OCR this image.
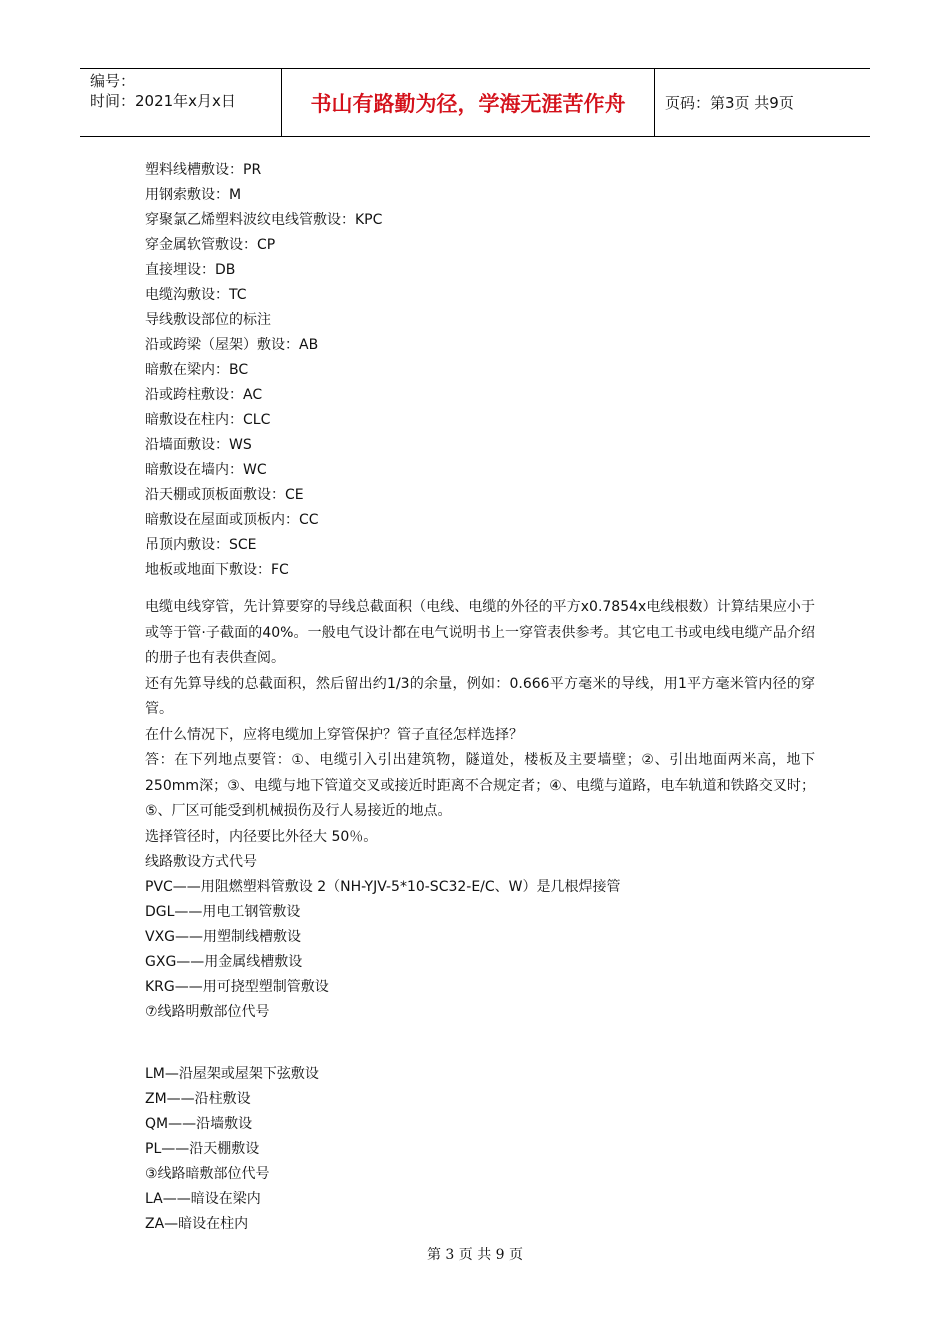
编号：
时间：2021年x月x日	书山有路勤为径，学海无涯苦作舟	页码：第3页 共9页
塑料线槽敷设：PR
用钢索敷设：M
穿聚氯乙烯塑料波纹电线管敷设：KPC
穿金属软管敷设：CP
直接埋设：DB
电缆沟敷设：TC
导线敷设部位的标注
沿或跨梁（屋架）敷设：AB
暗敷在梁内：BC
沿或跨柱敷设：AC
暗敷设在柱内：CLC
沿墙面敷设：WS
暗敷设在墙内：WC
沿天棚或顶板面敷设：CE
暗敷设在屋面或顶板内：CC
吊顶内敷设：SCE
地板或地面下敷设：FC
电缆电线穿管，先计算要穿的导线总截面积（电线、电缆的外径的平方x0.7854x电线根数）计算结果应小于或等于管·子截面的40%。一般电气设计都在电气说明书上一穿管表供参考。其它电工书或电线电缆产品介绍的册子也有表供查阅。
还有先算导线的总截面积，然后留出约1/3的余量，例如：0.666平方毫米的导线，用1平方毫米管内径的穿管。
在什么情况下，应将电缆加上穿管保护？管子直径怎样选择？
答：在下列地点要管：①、电缆引入引出建筑物，隧道处，楼板及主要墙壁；②、引出地面两米高，地下250mm深；③、电缆与地下管道交叉或接近时距离不合规定者；④、电缆与道路，电车轨道和铁路交叉时；⑤、厂区可能受到机械损伤及行人易接近的地点。
选择管径时，内径要比外径大 50％。
线路敷设方式代号
PVC——用阻燃塑料管敷设 2（NH-YJV-5*10-SC32-E/C、W）是几根焊接管
DGL——用电工钢管敷设
VXG——用塑制线槽敷设
GXG——用金属线槽敷设
KRG——用可挠型塑制管敷设
⑦线路明敷部位代号
LM—沿屋架或屋架下弦敷设
ZM——沿柱敷设
QM——沿墙敷设
PL——沿天棚敷设
③线路暗敷部位代号
LA——暗设在梁内
ZA—暗设在柱内
第 3 页 共 9 页
